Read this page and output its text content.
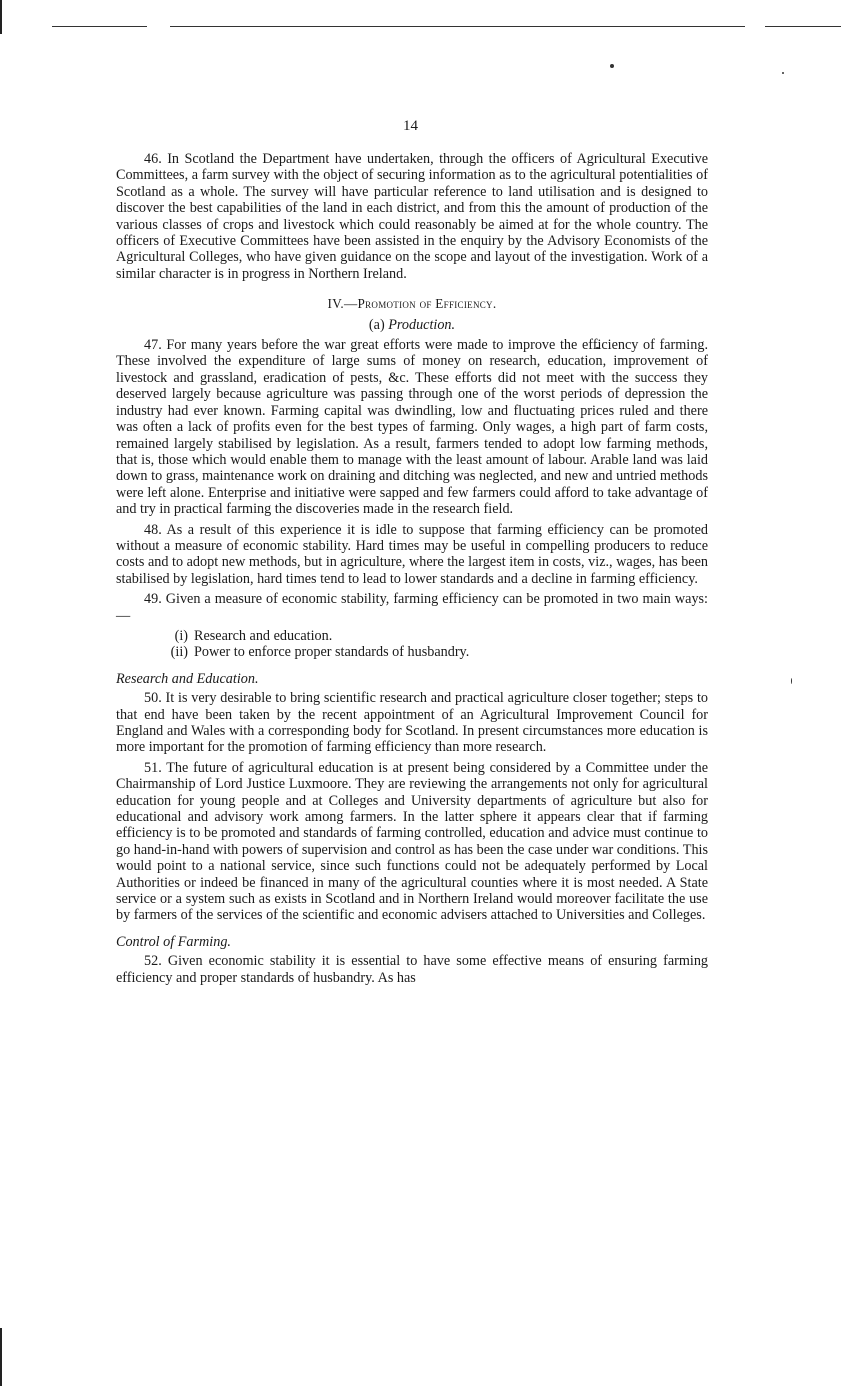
14

46. In Scotland the Department have undertaken, through the officers of Agricultural Executive Committees, a farm survey with the object of securing information as to the agricultural potentialities of Scotland as a whole. The survey will have particular reference to land utilisation and is designed to discover the best capabilities of the land in each district, and from this the amount of production of the various classes of crops and livestock which could reasonably be aimed at for the whole country. The officers of Executive Committees have been assisted in the enquiry by the Advisory Economists of the Agricultural Colleges, who have given guidance on the scope and layout of the investigation. Work of a similar character is in progress in Northern Ireland.

IV.—Promotion of Efficiency.
(a) Production.

47. For many years before the war great efforts were made to improve the efficiency of farming. These involved the expenditure of large sums of money on research, education, improvement of livestock and grassland, eradication of pests, &c. These efforts did not meet with the success they deserved largely because agriculture was passing through one of the worst periods of depression the industry had ever known. Farming capital was dwindling, low and fluctuating prices ruled and there was often a lack of profits even for the best types of farming. Only wages, a high part of farm costs, remained largely stabilised by legislation. As a result, farmers tended to adopt low farming methods, that is, those which would enable them to manage with the least amount of labour. Arable land was laid down to grass, maintenance work on draining and ditching was neglected, and new and untried methods were left alone. Enterprise and initiative were sapped and few farmers could afford to take advantage of and try in practical farming the discoveries made in the research field.

48. As a result of this experience it is idle to suppose that farming efficiency can be promoted without a measure of economic stability. Hard times may be useful in compelling producers to reduce costs and to adopt new methods, but in agriculture, where the largest item in costs, viz., wages, has been stabilised by legislation, hard times tend to lead to lower standards and a decline in farming efficiency.

49. Given a measure of economic stability, farming efficiency can be promoted in two main ways:—

(i) Research and education.
(ii) Power to enforce proper standards of husbandry.
Research and Education.

50. It is very desirable to bring scientific research and practical agriculture closer together; steps to that end have been taken by the recent appointment of an Agricultural Improvement Council for England and Wales with a corresponding body for Scotland. In present circumstances more education is more important for the promotion of farming efficiency than more research.

51. The future of agricultural education is at present being considered by a Committee under the Chairmanship of Lord Justice Luxmoore. They are reviewing the arrangements not only for agricultural education for young people and at Colleges and University departments of agriculture but also for educational and advisory work among farmers. In the latter sphere it appears clear that if farming efficiency is to be promoted and standards of farming controlled, education and advice must continue to go hand-in-hand with powers of supervision and control as has been the case under war conditions. This would point to a national service, since such functions could not be adequately performed by Local Authorities or indeed be financed in many of the agricultural counties where it is most needed. A State service or a system such as exists in Scotland and in Northern Ireland would moreover facilitate the use by farmers of the services of the scientific and economic advisers attached to Universities and Colleges.

Control of Farming.

52. Given economic stability it is essential to have some effective means of ensuring farming efficiency and proper standards of husbandry. As has
